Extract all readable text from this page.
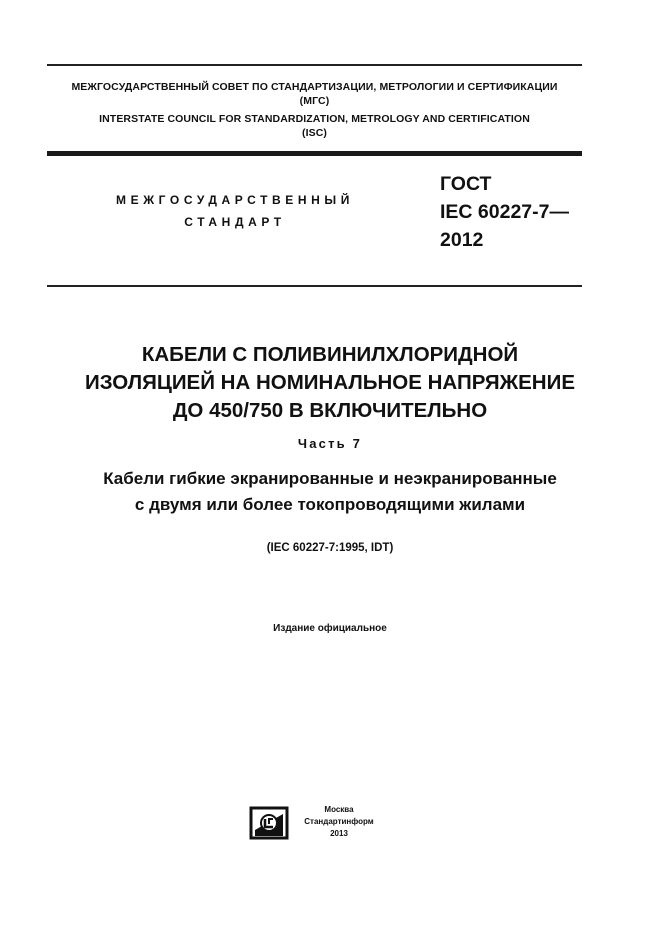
МЕЖГОСУДАРСТВЕННЫЙ СОВЕТ ПО СТАНДАРТИЗАЦИИ, МЕТРОЛОГИИ И СЕРТИФИКАЦИИ
(МГС)
INTERSTATE COUNCIL FOR STANDARDIZATION, METROLOGY AND CERTIFICATION
(ISC)
МЕЖГОСУДАРСТВЕННЫЙ
СТАНДАРТ
ГОСТ
IEC 60227-7—
2012
КАБЕЛИ С ПОЛИВИНИЛХЛОРИДНОЙ
ИЗОЛЯЦИЕЙ НА НОМИНАЛЬНОЕ НАПРЯЖЕНИЕ
ДО 450/750 В ВКЛЮЧИТЕЛЬНО
Часть 7
Кабели гибкие экранированные и неэкранированные
с двумя или более токопроводящими жилами
(IEC 60227-7:1995, IDT)
Издание официальное
Москва
Стандартинформ
2013
